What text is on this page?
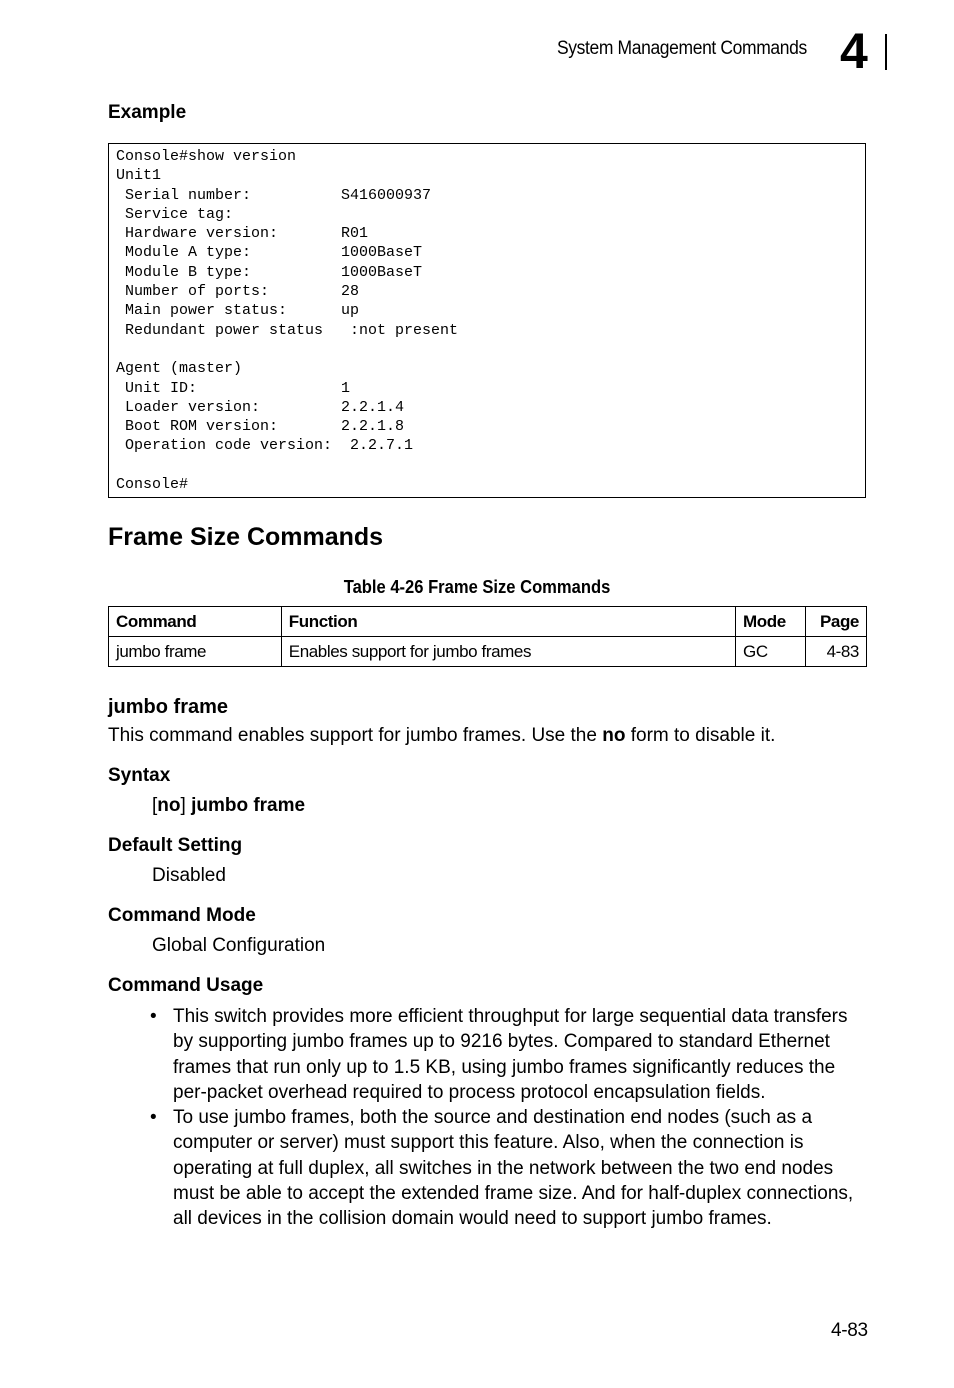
System Management Commands 4
Example
Console#show version
Unit1
Serial number:          S416000937
Service tag:
Hardware version:       R01
Module A type:          1000BaseT
Module B type:          1000BaseT
Number of ports:        28
Main power status:      up
Redundant power status   :not present

Agent (master)
Unit ID:                1
Loader version:         2.2.1.4
Boot ROM version:       2.2.1.8
Operation code version:  2.2.7.1

Console#
Frame Size Commands
Table 4-26 Frame Size Commands
Command	Function	Mode	Page
jumbo frame	Enables support for jumbo frames	GC	4-83
jumbo frame
This command enables support for jumbo frames. Use the no form to disable it.
Syntax
[no] jumbo frame
Default Setting
Disabled
Command Mode
Global Configuration
Command Usage

• This switch provides more efficient throughput for large sequential data transfers by supporting jumbo frames up to 9216 bytes. Compared to standard Ethernet frames that run only up to 1.5 KB, using jumbo frames significantly reduces the per-packet overhead required to process protocol encapsulation fields.

• To use jumbo frames, both the source and destination end nodes (such as a computer or server) must support this feature. Also, when the connection is operating at full duplex, all switches in the network between the two end nodes must be able to accept the extended frame size. And for half-duplex connections, all devices in the collision domain would need to support jumbo frames.

4-83
